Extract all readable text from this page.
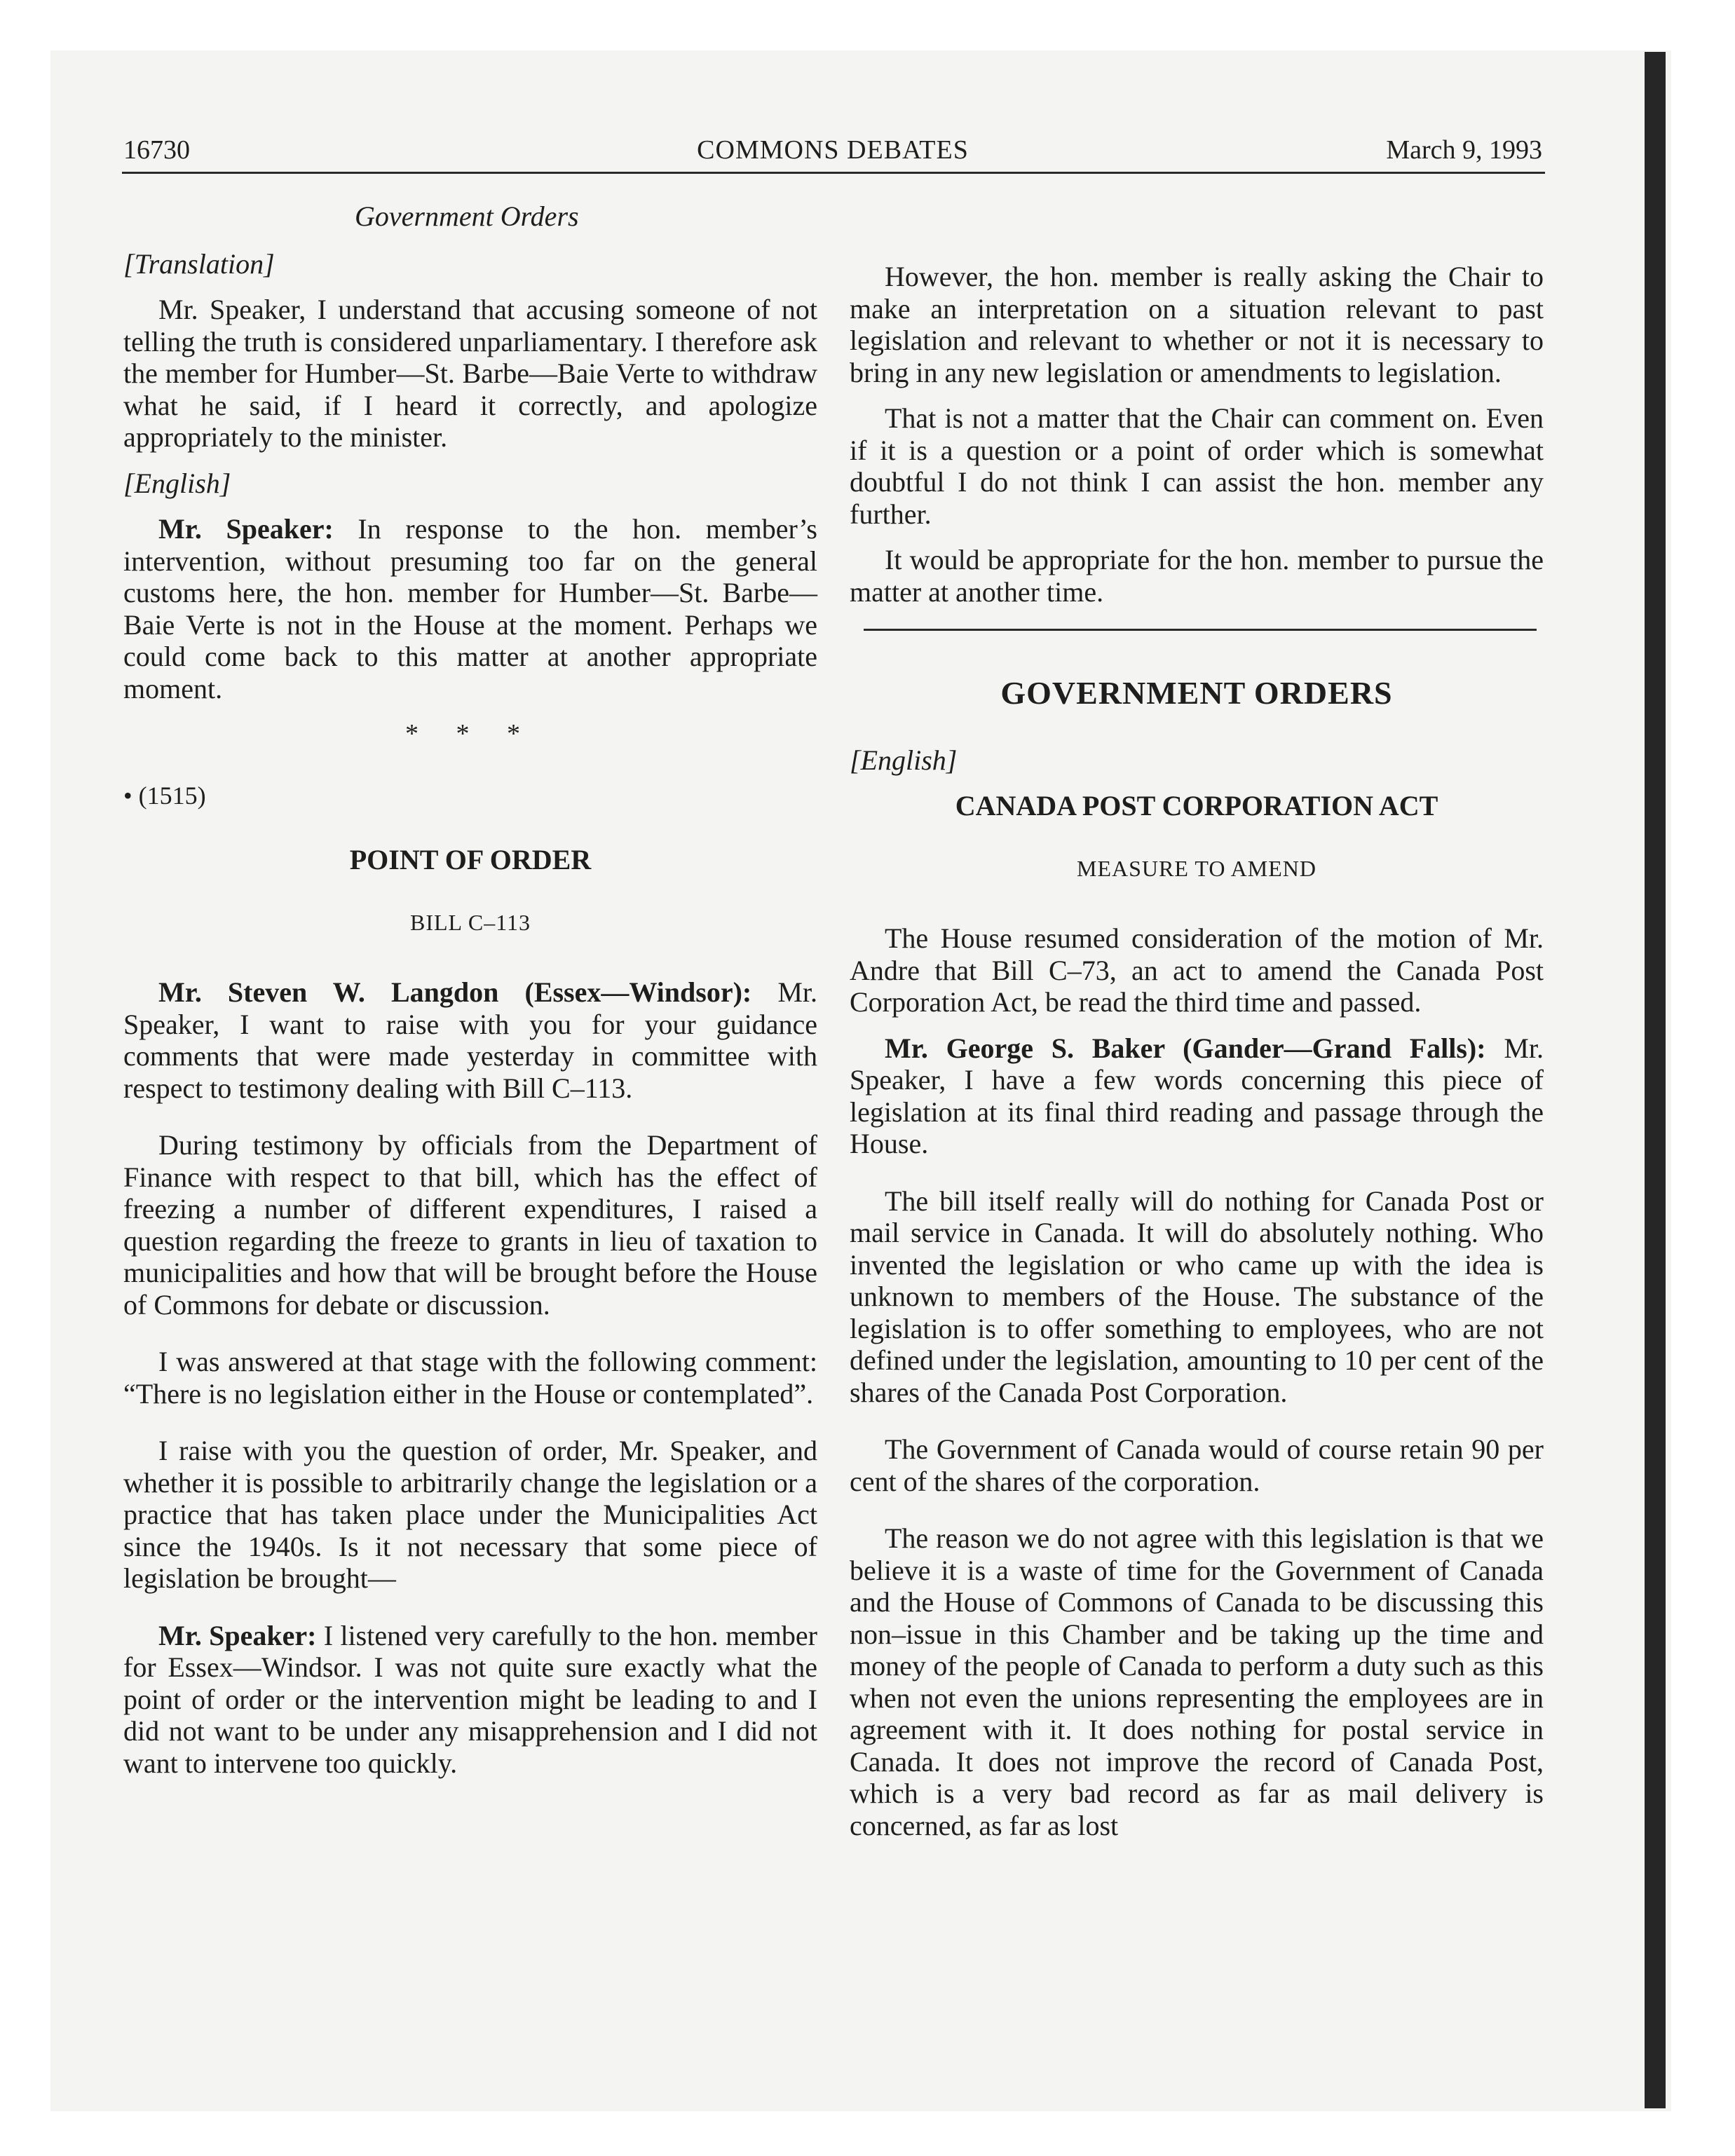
16730	COMMONS DEBATES	March 9, 1993
Government Orders
[Translation]

Mr. Speaker, I understand that accusing someone of not telling the truth is considered unparliamentary. I therefore ask the member for Humber—St. Barbe—Baie Verte to withdraw what he said, if I heard it correctly, and apologize appropriately to the minister.

[English]

Mr. Speaker: In response to the hon. member’s intervention, without presuming too far on the general customs here, the hon. member for Humber—St. Barbe—Baie Verte is not in the House at the moment. Perhaps we could come back to this matter at another appropriate moment.

* * *
• (1515)
POINT OF ORDER
BILL C–113

Mr. Steven W. Langdon (Essex—Windsor): Mr. Speaker, I want to raise with you for your guidance comments that were made yesterday in committee with respect to testimony dealing with Bill C–113.

During testimony by officials from the Department of Finance with respect to that bill, which has the effect of freezing a number of different expenditures, I raised a question regarding the freeze to grants in lieu of taxation to municipalities and how that will be brought before the House of Commons for debate or discussion.

I was answered at that stage with the following comment: “There is no legislation either in the House or contemplated”.

I raise with you the question of order, Mr. Speaker, and whether it is possible to arbitrarily change the legislation or a practice that has taken place under the Municipalities Act since the 1940s. Is it not necessary that some piece of legislation be brought—

Mr. Speaker: I listened very carefully to the hon. member for Essex—Windsor. I was not quite sure exactly what the point of order or the intervention might be leading to and I did not want to be under any misapprehension and I did not want to intervene too quickly.

However, the hon. member is really asking the Chair to make an interpretation on a situation relevant to past legislation and relevant to whether or not it is necessary to bring in any new legislation or amendments to legislation.

That is not a matter that the Chair can comment on. Even if it is a question or a point of order which is somewhat doubtful I do not think I can assist the hon. member any further.

It would be appropriate for the hon. member to pursue the matter at another time.

GOVERNMENT ORDERS
[English]
CANADA POST CORPORATION ACT
MEASURE TO AMEND

The House resumed consideration of the motion of Mr. Andre that Bill C–73, an act to amend the Canada Post Corporation Act, be read the third time and passed.

Mr. George S. Baker (Gander—Grand Falls): Mr. Speaker, I have a few words concerning this piece of legislation at its final third reading and passage through the House.

The bill itself really will do nothing for Canada Post or mail service in Canada. It will do absolutely nothing. Who invented the legislation or who came up with the idea is unknown to members of the House. The substance of the legislation is to offer something to employees, who are not defined under the legislation, amounting to 10 per cent of the shares of the Canada Post Corporation.

The Government of Canada would of course retain 90 per cent of the shares of the corporation.

The reason we do not agree with this legislation is that we believe it is a waste of time for the Government of Canada and the House of Commons of Canada to be discussing this non–issue in this Chamber and be taking up the time and money of the people of Canada to perform a duty such as this when not even the unions representing the employees are in agreement with it. It does nothing for postal service in Canada. It does not improve the record of Canada Post, which is a very bad record as far as mail delivery is concerned, as far as lost
